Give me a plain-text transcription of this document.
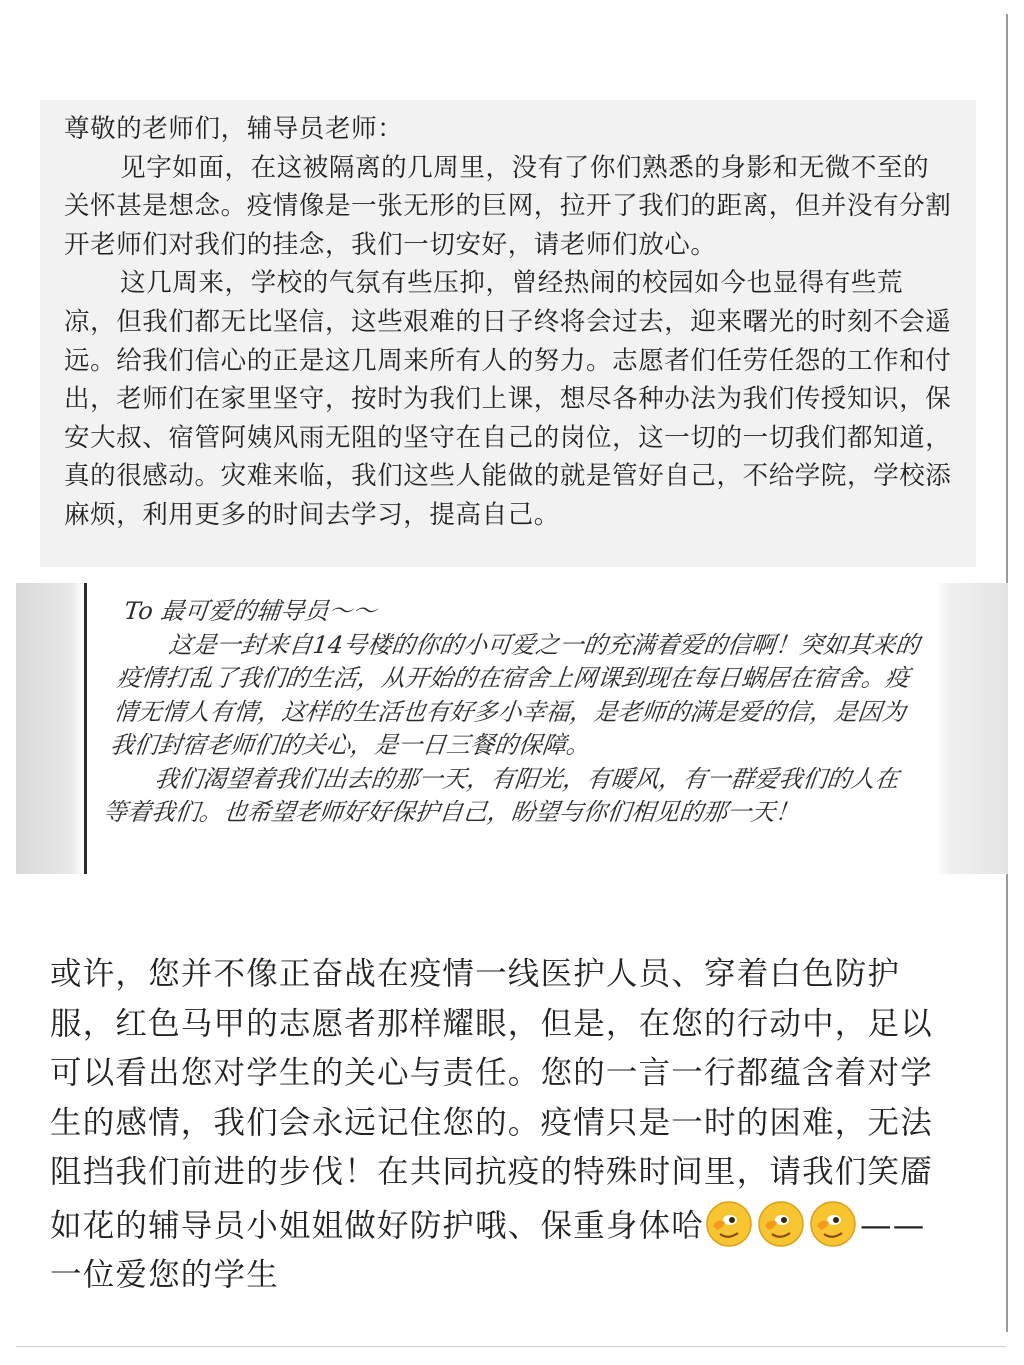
尊敬的老师们，辅导员老师：

见字如面，在这被隔离的几周里，没有了你们熟悉的身影和无微不至的关怀甚是想念。疫情像是一张无形的巨网，拉开了我们的距离，但并没有分割开老师们对我们的挂念，我们一切安好，请老师们放心。

这几周来，学校的气氛有些压抑，曾经热闹的校园如今也显得有些荒凉，但我们都无比坚信，这些艰难的日子终将会过去，迎来曙光的时刻不会遥远。给我们信心的正是这几周来所有人的努力。志愿者们任劳任怨的工作和付出，老师们在家里坚守，按时为我们上课，想尽各种办法为我们传授知识，保安大叔、宿管阿姨风雨无阻的坚守在自己的岗位，这一切的一切我们都知道，真的很感动。灾难来临，我们这些人能做的就是管好自己，不给学院，学校添麻烦，利用更多的时间去学习，提高自己。

To 最可爱的辅导员～～

这是一封来自14号楼的你的小可爱之一的充满着爱的信啊！突如其来的疫情打乱了我们的生活，从开始的在宿舍上网课到现在每日蜗居在宿舍。疫情无情人有情，这样的生活也有好多小幸福，是老师的满是爱的信，是因为我们封宿老师们的关心，是一日三餐的保障。

我们渴望着我们出去的那一天，有阳光，有暖风，有一群爱我们的人在等着我们。也希望老师好好保护自己，盼望与你们相见的那一天！

或许，您并不像正奋战在疫情一线医护人员、穿着白色防护服，红色马甲的志愿者那样耀眼，但是，在您的行动中，足以可以看出您对学生的关心与责任。您的一言一行都蕴含着对学生的感情，我们会永远记住您的。疫情只是一时的困难，无法阻挡我们前进的步伐！在共同抗疫的特殊时间里，请我们笑靥如花的辅导员小姐姐做好防护哦、保重身体哈	——一位爱您的学生
